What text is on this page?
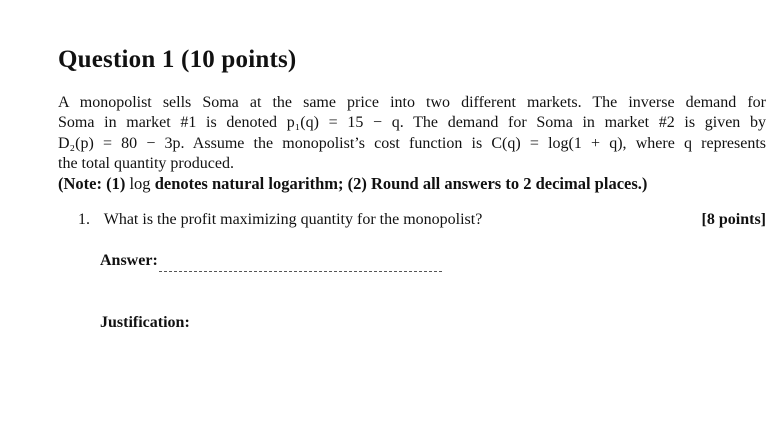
Question 1 (10 points)
A monopolist sells Soma at the same price into two different markets. The inverse demand for
Soma in market #1 is denoted p₁(q) = 15 − q. The demand for Soma in market #2 is given by
D₂(p) = 80 − 3p. Assume the monopolist’s cost function is C(q) = log(1 + q), where q represents
the total quantity produced.
(Note: (1) log denotes natural logarithm; (2) Round all answers to 2 decimal places.)
1. What is the profit maximizing quantity for the monopolist?	[8 points]
Answer:
Justification:
